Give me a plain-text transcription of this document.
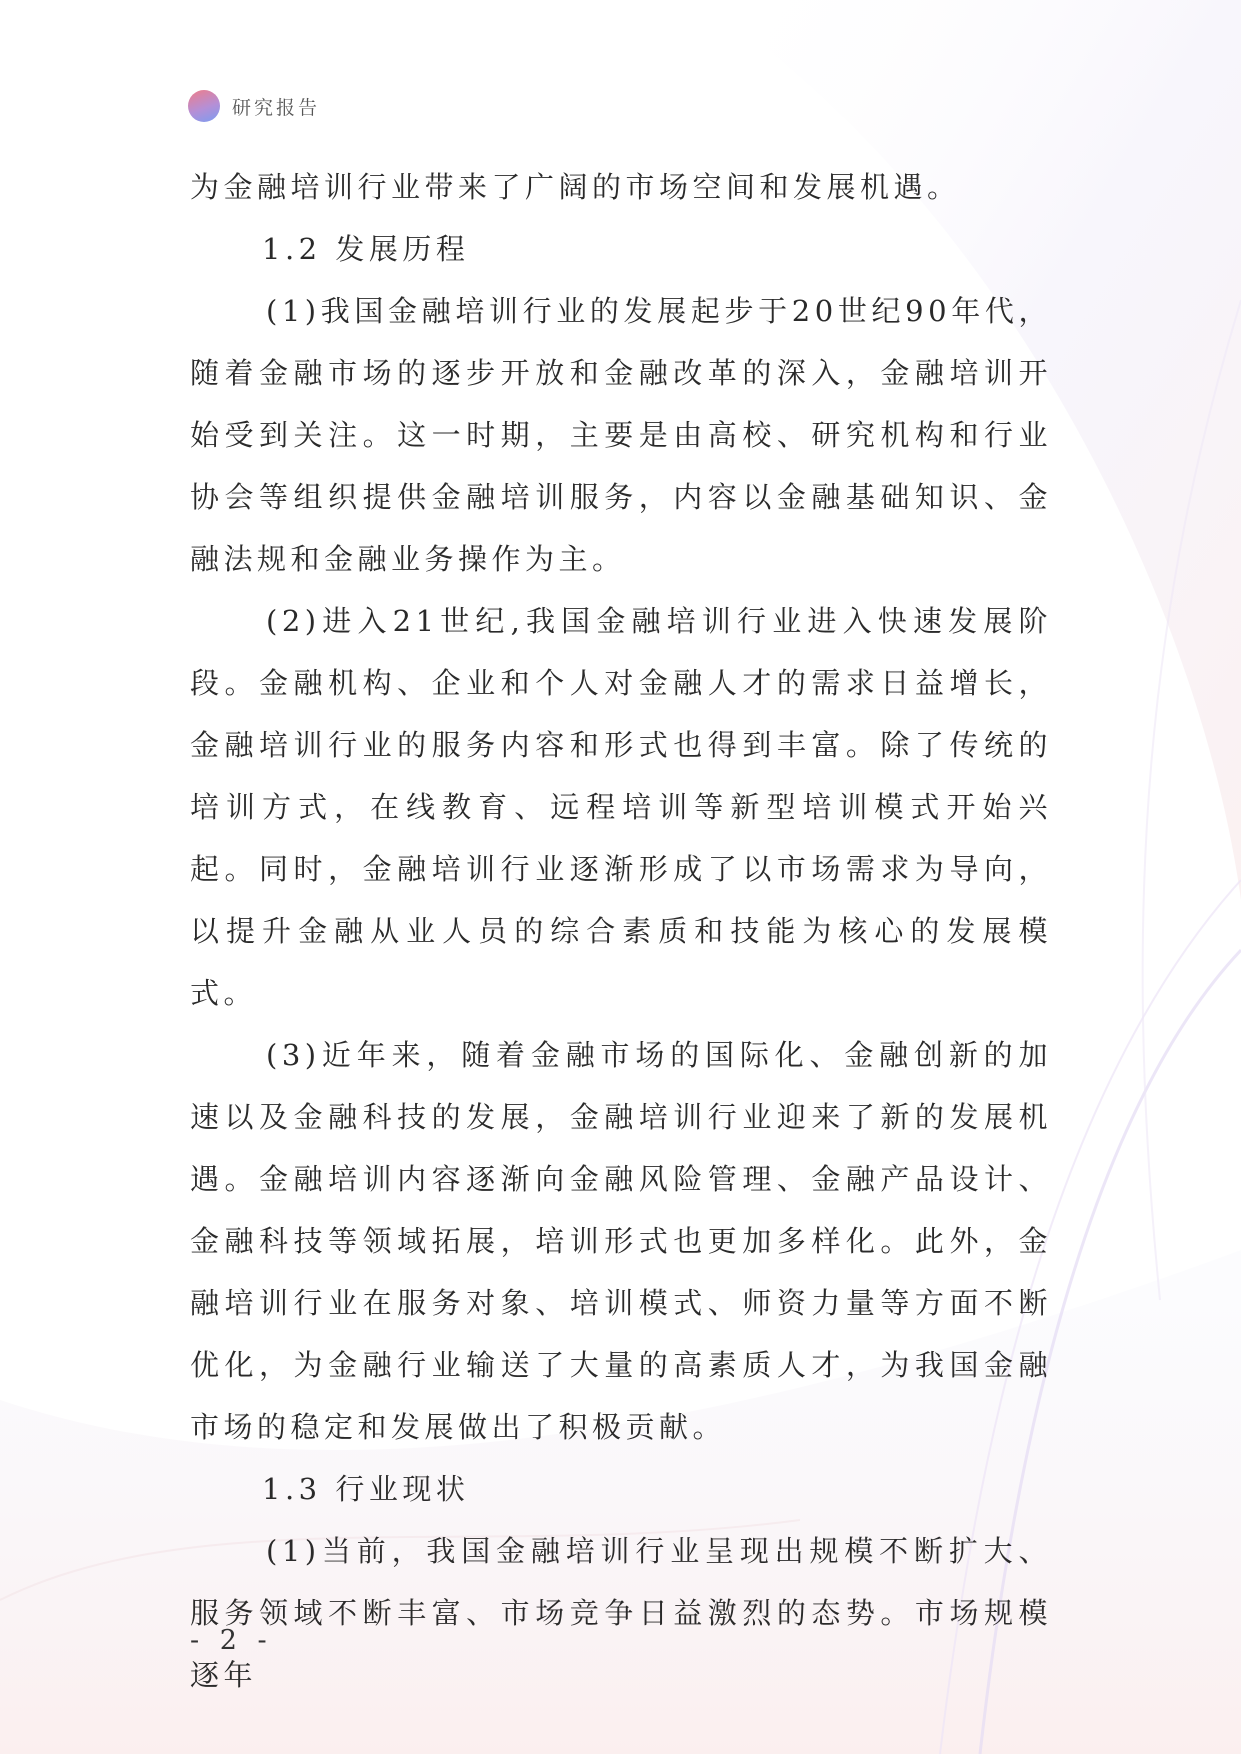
研究报告

为金融培训行业带来了广阔的市场空间和发展机遇。

1.2 发展历程

(1)我国金融培训行业的发展起步于20世纪90年代，随着金融市场的逐步开放和金融改革的深入，金融培训开始受到关注。这一时期，主要是由高校、研究机构和行业协会等组织提供金融培训服务，内容以金融基础知识、金融法规和金融业务操作为主。

(2)进入21世纪,我国金融培训行业进入快速发展阶段。金融机构、企业和个人对金融人才的需求日益增长，金融培训行业的服务内容和形式也得到丰富。除了传统的培训方式，在线教育、远程培训等新型培训模式开始兴起。同时，金融培训行业逐渐形成了以市场需求为导向，以提升金融从业人员的综合素质和技能为核心的发展模式。

(3)近年来，随着金融市场的国际化、金融创新的加速以及金融科技的发展，金融培训行业迎来了新的发展机遇。金融培训内容逐渐向金融风险管理、金融产品设计、金融科技等领域拓展，培训形式也更加多样化。此外，金融培训行业在服务对象、培训模式、师资力量等方面不断优化，为金融行业输送了大量的高素质人才，为我国金融市场的稳定和发展做出了积极贡献。

1.3 行业现状

(1)当前，我国金融培训行业呈现出规模不断扩大、服务领域不断丰富、市场竞争日益激烈的态势。市场规模逐年

- 2 -
